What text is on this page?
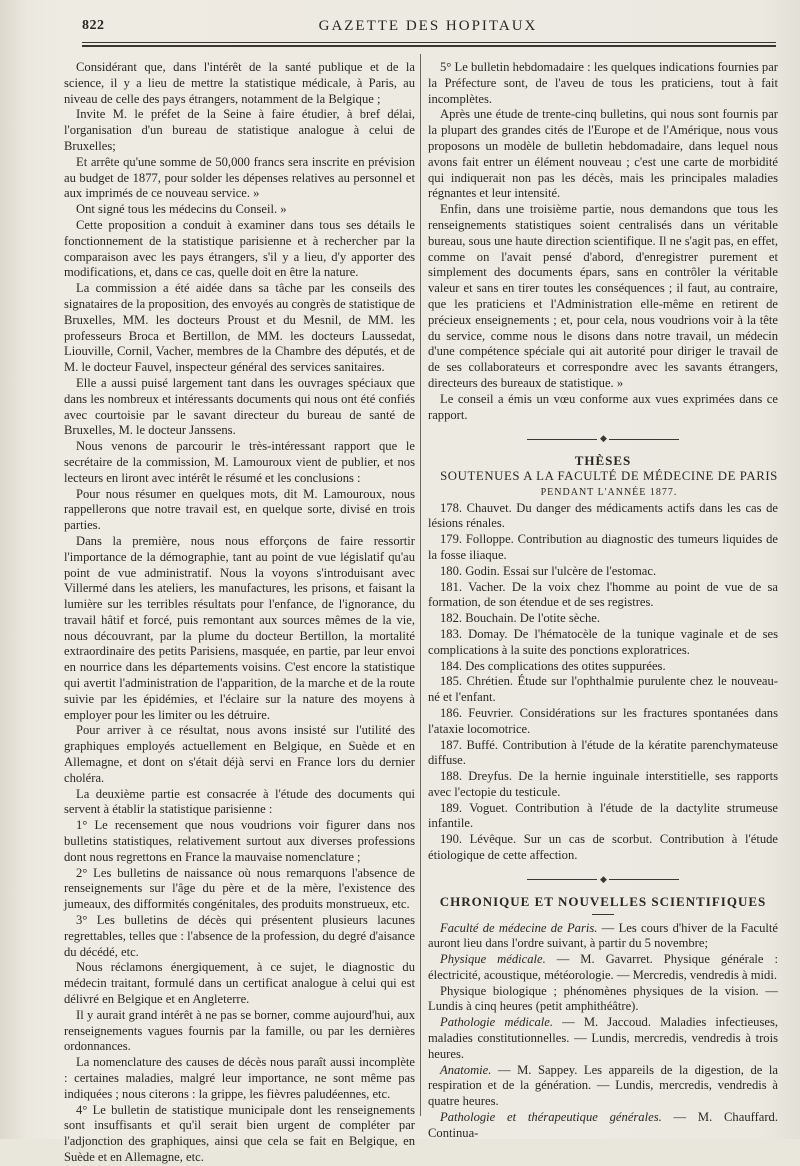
822	GAZETTE DES HOPITAUX

Considérant que, dans l'intérêt de la santé publique et de la science, il y a lieu de mettre la statistique médicale, à Paris, au niveau de celle des pays étrangers, notamment de la Belgique ;

Invite M. le préfet de la Seine à faire étudier, à bref délai, l'organisation d'un bureau de statistique analogue à celui de Bruxelles;

Et arrête qu'une somme de 50,000 francs sera inscrite en prévision au budget de 1877, pour solder les dépenses relatives au personnel et aux imprimés de ce nouveau service. »

Ont signé tous les médecins du Conseil. »

Cette proposition a conduit à examiner dans tous ses détails le fonctionnement de la statistique parisienne et à rechercher par la comparaison avec les pays étrangers, s'il y a lieu, d'y apporter des modifications, et, dans ce cas, quelle doit en être la nature.

La commission a été aidée dans sa tâche par les conseils des signataires de la proposition, des envoyés au congrès de statistique de Bruxelles, MM. les docteurs Proust et du Mesnil, de MM. les professeurs Broca et Bertillon, de MM. les docteurs Laussedat, Liouville, Cornil, Vacher, membres de la Chambre des députés, et de M. le docteur Fauvel, inspecteur général des services sanitaires.

Elle a aussi puisé largement tant dans les ouvrages spéciaux que dans les nombreux et intéressants documents qui nous ont été confiés avec courtoisie par le savant directeur du bureau de santé de Bruxelles, M. le docteur Janssens.

Nous venons de parcourir le très-intéressant rapport que le secrétaire de la commission, M. Lamouroux vient de publier, et nos lecteurs en liront avec intérêt le résumé et les conclusions :

Pour nous résumer en quelques mots, dit M. Lamouroux, nous rappellerons que notre travail est, en quelque sorte, divisé en trois parties.

Dans la première, nous nous efforçons de faire ressortir l'importance de la démographie, tant au point de vue législatif qu'au point de vue administratif. Nous la voyons s'introduisant avec Villermé dans les ateliers, les manufactures, les prisons, et faisant la lumière sur les terribles résultats pour l'enfance, de l'ignorance, du travail hâtif et forcé, puis remontant aux sources mêmes de la vie, nous découvrant, par la plume du docteur Bertillon, la mortalité extraordinaire des petits Parisiens, masquée, en partie, par leur envoi en nourrice dans les départements voisins. C'est encore la statistique qui avertit l'administration de l'apparition, de la marche et de la route suivie par les épidémies, et l'éclaire sur la nature des moyens à employer pour les limiter ou les détruire.

Pour arriver à ce résultat, nous avons insisté sur l'utilité des graphiques employés actuellement en Belgique, en Suède et en Allemagne, et dont on s'était déjà servi en France lors du dernier choléra.

La deuxième partie est consacrée à l'étude des documents qui servent à établir la statistique parisienne :

1° Le recensement que nous voudrions voir figurer dans nos bulletins statistiques, relativement surtout aux diverses professions dont nous regrettons en France la mauvaise nomenclature ;

2° Les bulletins de naissance où nous remarquons l'absence de renseignements sur l'âge du père et de la mère, l'existence des jumeaux, des difformités congénitales, des produits monstrueux, etc.

3° Les bulletins de décès qui présentent plusieurs lacunes regrettables, telles que : l'absence de la profession, du degré d'aisance du décédé, etc.

Nous réclamons énergiquement, à ce sujet, le diagnostic du médecin traitant, formulé dans un certificat analogue à celui qui est délivré en Belgique et en Angleterre.

Il y aurait grand intérêt à ne pas se borner, comme aujourd'hui, aux renseignements vagues fournis par la famille, ou par les dernières ordonnances.

La nomenclature des causes de décès nous paraît aussi incomplète : certaines maladies, malgré leur importance, ne sont même pas indiquées ; nous citerons : la grippe, les fièvres paludéennes, etc.

4° Le bulletin de statistique municipale dont les renseignements sont insuffisants et qu'il serait bien urgent de compléter par l'adjonction des graphiques, ainsi que cela se fait en Belgique, en Suède et en Allemagne, etc.

5° Le bulletin hebdomadaire : les quelques indications fournies par la Préfecture sont, de l'aveu de tous les praticiens, tout à fait incomplètes.

Après une étude de trente-cinq bulletins, qui nous sont fournis par la plupart des grandes cités de l'Europe et de l'Amérique, nous vous proposons un modèle de bulletin hebdomadaire, dans lequel nous avons fait entrer un élément nouveau ; c'est une carte de morbidité qui indiquerait non pas les décès, mais les principales maladies régnantes et leur intensité.

Enfin, dans une troisième partie, nous demandons que tous les renseignements statistiques soient centralisés dans un véritable bureau, sous une haute direction scientifique. Il ne s'agit pas, en effet, comme on l'avait pensé d'abord, d'enregistrer purement et simplement des documents épars, sans en contrôler la véritable valeur et sans en tirer toutes les conséquences ; il faut, au contraire, que les praticiens et l'Administration elle-même en retirent de précieux enseignements ; et, pour cela, nous voudrions voir à la tête du service, comme nous le disons dans notre travail, un médecin d'une compétence spéciale qui ait autorité pour diriger le travail de de ses collaborateurs et correspondre avec les savants étrangers, directeurs des bureaux de statistique. »

Le conseil a émis un vœu conforme aux vues exprimées dans ce rapport.

◆

THÈSES

SOUTENUES A LA FACULTÉ DE MÉDECINE DE PARIS

PENDANT L'ANNÉE 1877.

178. Chauvet. Du danger des médicaments actifs dans les cas de lésions rénales.

179. Folloppe. Contribution au diagnostic des tumeurs liquides de la fosse iliaque.

180. Godin. Essai sur l'ulcère de l'estomac.

181. Vacher. De la voix chez l'homme au point de vue de sa formation, de son étendue et de ses registres.

182. Bouchain. De l'otite sèche.

183. Domay. De l'hématocèle de la tunique vaginale et de ses complications à la suite des ponctions exploratrices.

184. Des complications des otites suppurées.

185. Chrétien. Étude sur l'ophthalmie purulente chez le nouveau-né et l'enfant.

186. Feuvrier. Considérations sur les fractures spontanées dans l'ataxie locomotrice.

187. Buffé. Contribution à l'étude de la kératite parenchymateuse diffuse.

188. Dreyfus. De la hernie inguinale interstitielle, ses rapports avec l'ectopie du testicule.

189. Voguet. Contribution à l'étude de la dactylite strumeuse infantile.

190. Lévêque. Sur un cas de scorbut. Contribution à l'étude étiologique de cette affection.

◆

CHRONIQUE ET NOUVELLES SCIENTIFIQUES

Faculté de médecine de Paris. — Les cours d'hiver de la Faculté auront lieu dans l'ordre suivant, à partir du 5 novembre;

Physique médicale. — M. Gavarret. Physique générale : électricité, acoustique, météorologie. — Mercredis, vendredis à midi.

Physique biologique ; phénomènes physiques de la vision. — Lundis à cinq heures (petit amphithéâtre).

Pathologie médicale. — M. Jaccoud. Maladies infectieuses, maladies constitutionnelles. — Lundis, mercredis, vendredis à trois heures.

Anatomie. — M. Sappey. Les appareils de la digestion, de la respiration et de la génération. — Lundis, mercredis, vendredis à quatre heures.

Pathologie et thérapeutique générales. — M. Chauffard. Continua-
